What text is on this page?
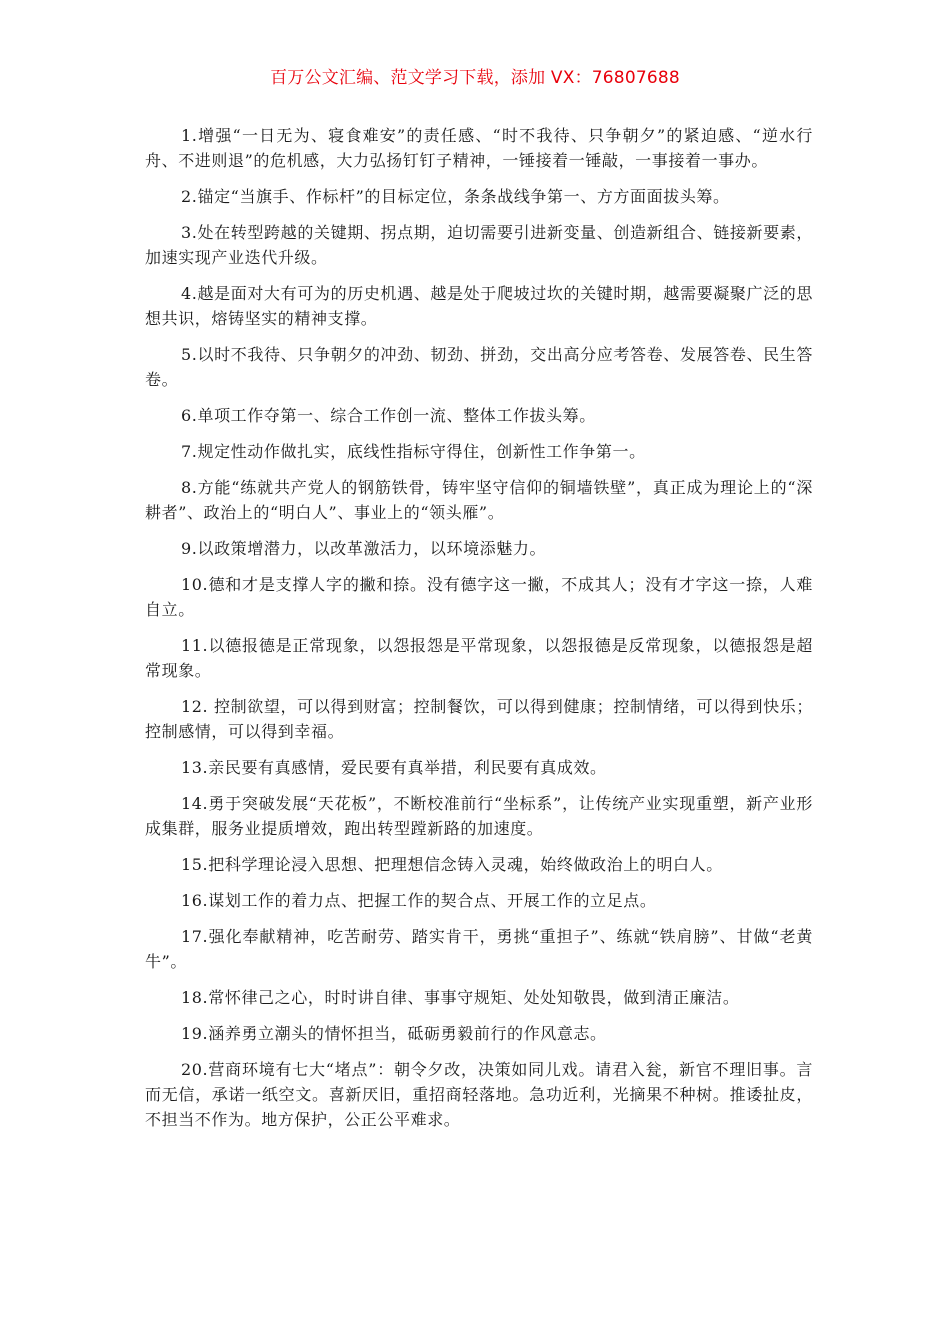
百万公文汇编、范文学习下载，添加 VX：76807688

1.增强“一日无为、寝食难安”的责任感、“时不我待、只争朝夕”的紧迫感、“逆水行舟、不进则退”的危机感，大力弘扬钉钉子精神，一锤接着一锤敲，一事接着一事办。

2.锚定“当旗手、作标杆”的目标定位，条条战线争第一、方方面面拔头筹。

3.处在转型跨越的关键期、拐点期，迫切需要引进新变量、创造新组合、链接新要素，加速实现产业迭代升级。

4.越是面对大有可为的历史机遇、越是处于爬坡过坎的关键时期，越需要凝聚广泛的思想共识，熔铸坚实的精神支撑。

5.以时不我待、只争朝夕的冲劲、韧劲、拼劲，交出高分应考答卷、发展答卷、民生答卷。

6.单项工作夺第一、综合工作创一流、整体工作拔头筹。

7.规定性动作做扎实，底线性指标守得住，创新性工作争第一。

8.方能“练就共产党人的钢筋铁骨，铸牢坚守信仰的铜墙铁壁”，真正成为理论上的“深耕者”、政治上的“明白人”、事业上的“领头雁”。

9.以政策增潜力，以改革激活力，以环境添魅力。

10.德和才是支撑人字的撇和捺。没有德字这一撇，不成其人；没有才字这一捺，人难自立。

11.以德报德是正常现象，以怨报怨是平常现象，以怨报德是反常现象，以德报怨是超常现象。

12. 控制欲望，可以得到财富；控制餐饮，可以得到健康；控制情绪，可以得到快乐；控制感情，可以得到幸福。

13.亲民要有真感情，爱民要有真举措，利民要有真成效。

14.勇于突破发展“天花板”，不断校准前行“坐标系”，让传统产业实现重塑，新产业形成集群，服务业提质增效，跑出转型蹚新路的加速度。

15.把科学理论浸入思想、把理想信念铸入灵魂，始终做政治上的明白人。

16.谋划工作的着力点、把握工作的契合点、开展工作的立足点。

17.强化奉献精神，吃苦耐劳、踏实肯干，勇挑“重担子”、练就“铁肩膀”、甘做“老黄牛”。

18.常怀律己之心，时时讲自律、事事守规矩、处处知敬畏，做到清正廉洁。

19.涵养勇立潮头的情怀担当，砥砺勇毅前行的作风意志。

20.营商环境有七大“堵点”：朝令夕改，决策如同儿戏。请君入瓮，新官不理旧事。言而无信，承诺一纸空文。喜新厌旧，重招商轻落地。急功近利，光摘果不种树。推诿扯皮，不担当不作为。地方保护，公正公平难求。
